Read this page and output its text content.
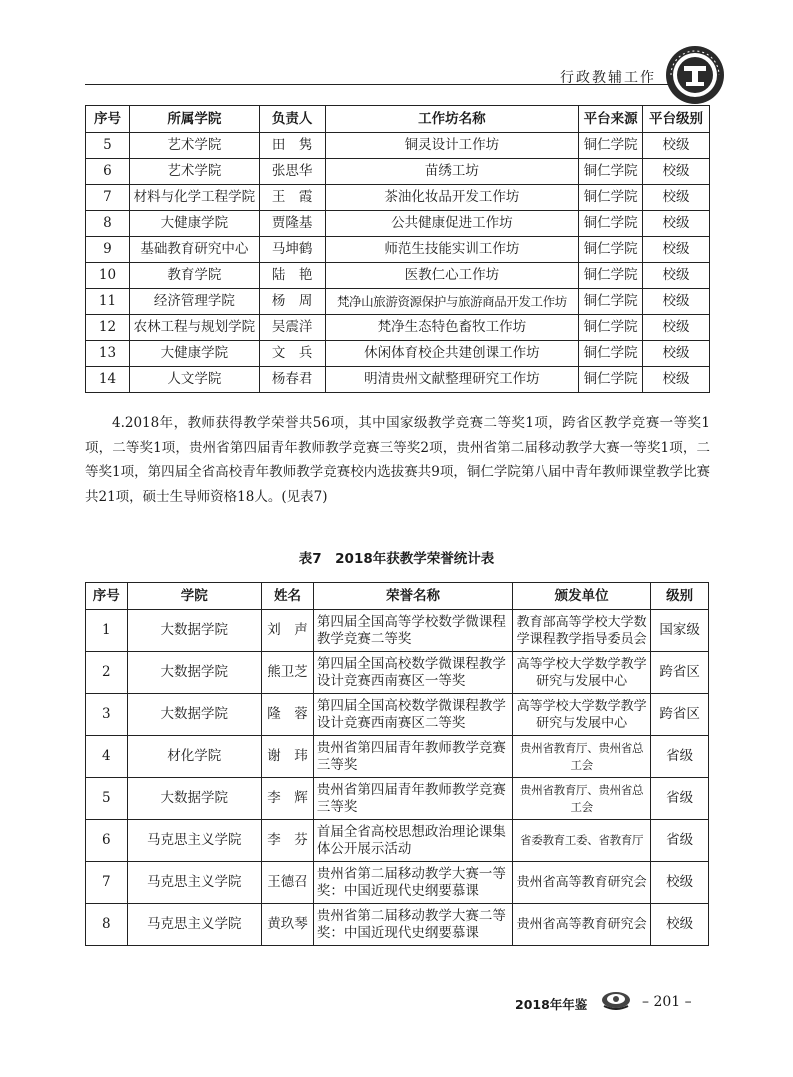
行政教辅工作
序号	所属学院	负责人	工作坊名称	平台来源	平台级别
5	艺术学院	田　隽	铜灵设计工作坊	铜仁学院	校级
6	艺术学院	张思华	苗绣工坊	铜仁学院	校级
7	材料与化学工程学院	王　霞	茶油化妆品开发工作坊	铜仁学院	校级
8	大健康学院	贾隆基	公共健康促进工作坊	铜仁学院	校级
9	基础教育研究中心	马坤鹤	师范生技能实训工作坊	铜仁学院	校级
10	教育学院	陆　艳	医教仁心工作坊	铜仁学院	校级
11	经济管理学院	杨　周	梵净山旅游资源保护与旅游商品开发工作坊	铜仁学院	校级
12	农林工程与规划学院	吴震洋	梵净生态特色畜牧工作坊	铜仁学院	校级
13	大健康学院	文　兵	休闲体育校企共建创课工作坊	铜仁学院	校级
14	人文学院	杨春君	明清贵州文献整理研究工作坊	铜仁学院	校级
4.2018年，教师获得教学荣誉共56项，其中国家级教学竞赛二等奖1项，跨省区教学竞赛一等奖1项，二等奖1项，贵州省第四届青年教师教学竞赛三等奖2项，贵州省第二届移动教学大赛一等奖1项，二等奖1项，第四届全省高校青年教师教学竞赛校内选拔赛共9项，铜仁学院第八届中青年教师课堂教学比赛共21项，硕士生导师资格18人。(见表7)
表7　2018年获教学荣誉统计表
序号	学院	姓名	荣誉名称	颁发单位	级别
1	大数据学院	刘　声	第四届全国高等学校数学微课程教学竞赛二等奖	教育部高等学校大学数学课程教学指导委员会	国家级
2	大数据学院	熊卫芝	第四届全国高校数学微课程教学设计竞赛西南赛区一等奖	高等学校大学数学教学研究与发展中心	跨省区
3	大数据学院	隆　蓉	第四届全国高校数学微课程教学设计竞赛西南赛区二等奖	高等学校大学数学教学研究与发展中心	跨省区
4	材化学院	谢　玮	贵州省第四届青年教师教学竞赛三等奖	贵州省教育厅、贵州省总工会	省级
5	大数据学院	李　辉	贵州省第四届青年教师教学竞赛三等奖	贵州省教育厅、贵州省总工会	省级
6	马克思主义学院	李　芬	首届全省高校思想政治理论课集体公开展示活动	省委教育工委、省教育厅	省级
7	马克思主义学院	王德召	贵州省第二届移动教学大赛一等奖：中国近现代史纲要慕课	贵州省高等教育研究会	校级
8	马克思主义学院	黄玖琴	贵州省第二届移动教学大赛二等奖：中国近现代史纲要慕课	贵州省高等教育研究会	校级
2018年年鉴	– 201 –
